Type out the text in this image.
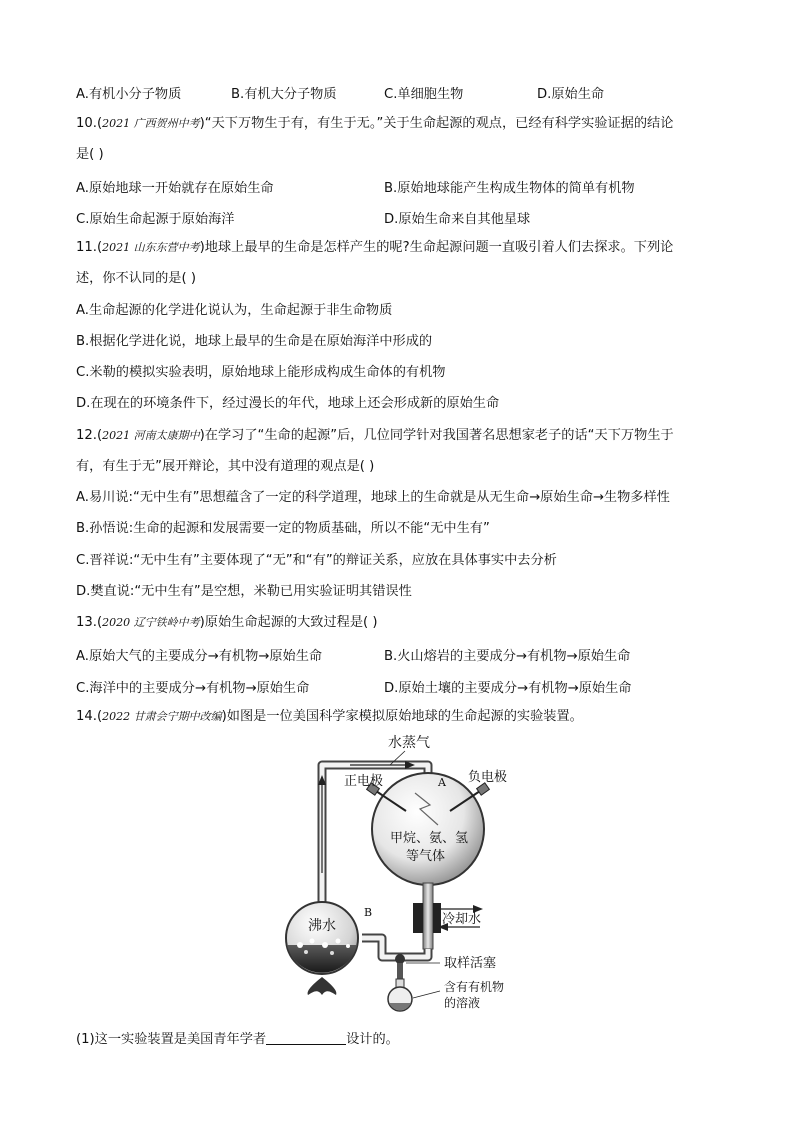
A.有机小分子物质	B.有机大分子物质	C.单细胞生物	D.原始生命
10.(2021 广西贺州中考)“天下万物生于有，有生于无。”关于生命起源的观点，已经有科学实验证据的结论
是( )
A.原始地球一开始就存在原始生命	B.原始地球能产生构成生物体的简单有机物
C.原始生命起源于原始海洋	D.原始生命来自其他星球
11.(2021 山东东营中考)地球上最早的生命是怎样产生的呢?生命起源问题一直吸引着人们去探求。下列论
述，你不认同的是( )
A.生命起源的化学进化说认为，生命起源于非生命物质
B.根据化学进化说，地球上最早的生命是在原始海洋中形成的
C.米勒的模拟实验表明，原始地球上能形成构成生命体的有机物
D.在现在的环境条件下，经过漫长的年代，地球上还会形成新的原始生命
12.(2021 河南太康期中)在学习了“生命的起源”后，几位同学针对我国著名思想家老子的话“天下万物生于
有，有生于无”展开辩论，其中没有道理的观点是( )
A.易川说:“无中生有”思想蕴含了一定的科学道理，地球上的生命就是从无生命→原始生命→生物多样性
B.孙悟说:生命的起源和发展需要一定的物质基础，所以不能“无中生有”
C.晋祥说:“无中生有”主要体现了“无”和“有”的辩证关系，应放在具体事实中去分析
D.樊直说:“无中生有”是空想，米勒已用实验证明其错误性
13.(2020 辽宁铁岭中考)原始生命起源的大致过程是( )
A.原始大气的主要成分→有机物→原始生命	B.火山熔岩的主要成分→有机物→原始生命
C.海洋中的主要成分→有机物→原始生命	D.原始土壤的主要成分→有机物→原始生命
14.(2022 甘肃会宁期中改编)如图是一位美国科学家模拟原始地球的生命起源的实验装置。
水蒸气
正电极	负电极
A
甲烷、氨、氢
等气体
冷却水
B
沸水
取样活塞
含有有机物
的溶液
(1)这一实验装置是美国青年学者	设计的。
